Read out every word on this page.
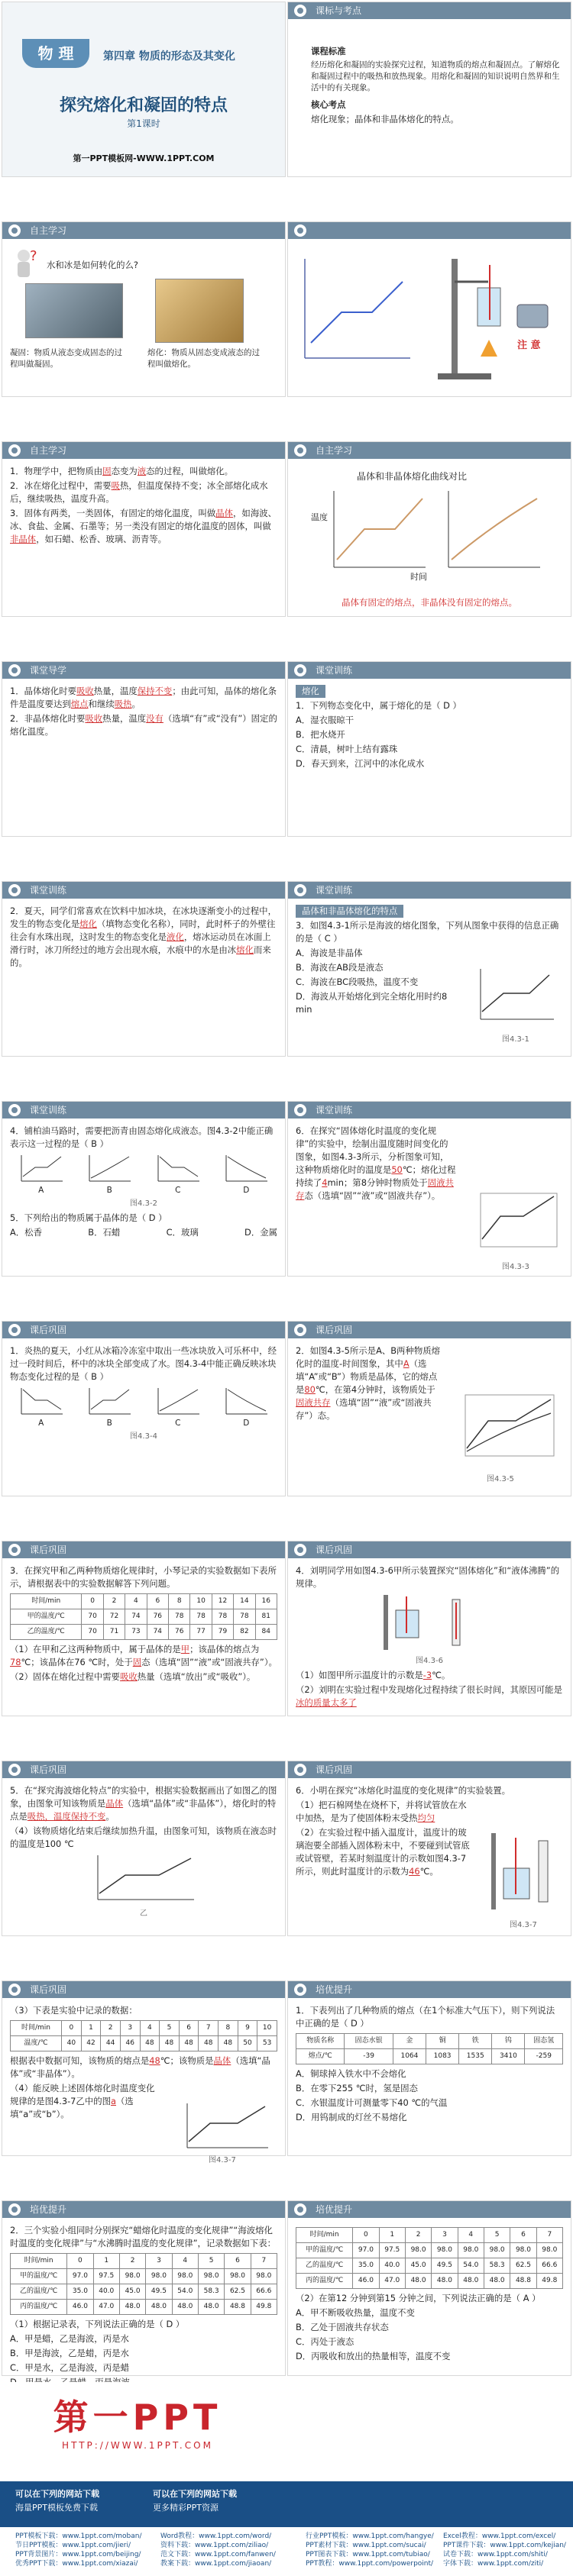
物 理	第四章 物质的形态及其变化
探究熔化和凝固的特点
第1课时
第一PPT模板网-WWW.1PPT.COM
课标与考点

课程标准

经历熔化和凝固的实验探究过程，知道物质的熔点和凝固点。了解熔化和凝固过程中的吸热和放热现象。用熔化和凝固的知识说明自然界和生活中的有关现象。

核心考点

熔化现象；晶体和非晶体熔化的特点。

自主学习
?
水和冰是如何转化的么?

凝固：物质从液态变成固态的过程叫做凝固。

熔化：物质从固态变成液态的过程叫做熔化。

注 意
自主学习

1．物理学中，把物质由固态变为液态的过程，叫做熔化。

2．冰在熔化过程中，需要吸热，但温度保持不变；冰全部熔化成水后，继续吸热，温度升高。

3．固体有两类，一类固体，有固定的熔化温度，叫做晶体，如海波、冰、食盐、金属、石墨等；另一类没有固定的熔化温度的固体，叫做非晶体，如石蜡、松香、玻璃、沥青等。

自主学习
晶体和非晶体熔化曲线对比
温度
时间
晶体有固定的熔点，非晶体没有固定的熔点。
课堂导学

1．晶体熔化时要吸收热量，温度保持不变；由此可知，晶体的熔化条件是温度要达到熔点和继续吸热。

2．非晶体熔化时要吸收热量，温度没有（选填“有”或“没有”）固定的熔化温度。

课堂训练

熔化

1．下列物态变化中，属于熔化的是（ D ）

A．湿衣服晾干

B．把水烧开

C．清晨，树叶上结有露珠

D．春天到来，江河中的冰化成水

课堂训练

2．夏天，同学们常喜欢在饮料中加冰块，在冰块逐渐变小的过程中，发生的物态变化是熔化（填物态变化名称），同时，此时杯子的外壁往往会有水珠出现，这时发生的物态变化是液化，熔冰运动员在冰面上滑行时，冰刀所经过的地方会出现水痕，水痕中的水是由冰熔化而来的。

课堂训练

晶体和非晶体熔化的特点

3．如图4.3-1所示是海波的熔化图象，下列从图象中获得的信息正确的是（ C ）

A．海波是非晶体

B．海波在AB段是液态

C．海波在BC段吸热，温度不变

D．海波从开始熔化到完全熔化用时约8 min

图4.3-1
课堂训练

4．铺柏油马路时，需要把沥青由固态熔化成液态。图4.3-2中能正确表示这一过程的是（ B ）

A	B	C	D

图4.3-2

5．下列给出的物质属于晶体的是（ D ）

A．松香	B．石蜡	C．玻璃	D．金属
课堂训练

6．在探究“固体熔化时温度的变化规律”的实验中，绘制出温度随时间变化的图象，如图4.3-3所示，分析图象可知，这种物质熔化时的温度是50℃；熔化过程持续了4min；第8分钟时物质处于固液共存态（选填“固”“液”或“固液共存”）。

图4.3-3
课后巩固

1．炎热的夏天，小红从冰箱冷冻室中取出一些冰块放入可乐杯中，经过一段时间后，杯中的冰块全部变成了水。图4.3-4中能正确反映冰块物态变化过程的是（ B ）

A	B	C	D

图4.3-4

课后巩固

2．如图4.3-5所示是A、B两种物质熔化时的温度-时间图象，其中A（选填“A”或“B”）物质是晶体，它的熔点是80℃，在第4分钟时，该物质处于固液共存（选填“固”“液”或“固液共存”）态。

图4.3-5
课后巩固

3．在探究甲和乙两种物质熔化规律时，小琴记录的实验数据如下表所示，请根据表中的实验数据解答下列问题。

时间/min	0	2	4	6	8	10	12	14	16
甲的温度/℃	70	72	74	76	78	78	78	78	81
乙的温度/℃	70	71	73	74	76	77	79	82	84

（1）在甲和乙这两种物质中，属于晶体的是甲；该晶体的熔点为78℃；该晶体在76 ℃时，处于固态（选填“固”“液”或“固液共存”）。

（2）固体在熔化过程中需要吸收热量（选填“放出”或“吸收”）。

课后巩固

4．刘明同学用如图4.3-6甲所示装置探究“固体熔化”和“液体沸腾”的规律。

图4.3-6

（1）如图甲所示温度计的示数是-3℃。

（2）刘明在实验过程中发现熔化过程持续了很长时间，其原因可能是冰的质量太多了

课后巩固

5．在“探究海波熔化特点”的实验中，根据实验数据画出了如图乙的图象，由图象可知该物质是晶体（选填“晶体”或“非晶体”），熔化时的特点是吸热，温度保持不变。

（4）该物质熔化结束后继续加热升温，由图象可知，该物质在液态时的温度是100 ℃

乙

课后巩固

6．小明在探究“冰熔化时温度的变化规律”的实验装置。

（1）把石棉网垫在烧杯下，并将试管放在水中加热，是为了使固体粉末受热均匀

（2）在实验过程中插入温度计，温度计的玻璃泡要全部插入固体粉末中，不要碰到试管底或试管壁，若某时刻温度计的示数如图4.3-7所示，则此时温度计的示数为46℃。

图4.3-7
课后巩固

（3）下表是实验中记录的数据：

时间/min	0	1	2	3	4	5	6	7	8	9	10
温度/℃	40	42	44	46	48	48	48	48	48	50	53

根据表中数据可知，该物质的熔点是48℃；该物质是晶体（选填“晶体”或“非晶体”）。

（4）能反映上述固体熔化时温度变化规律的是图4.3-7乙中的图a（选填“a”或“b”）。

图4.3-7
培优提升

1．下表列出了几种物质的熔点（在1个标准大气压下），则下列说法中正确的是（ D ）

物质名称	固态水银	金	铜	铁	钨	固态氢
熔点/℃	-39	1064	1083	1535	3410	-259

A．铜球掉入铁水中不会熔化

B．在零下255 ℃时，氢是固态

C．水银温度计可测量零下40 ℃的气温

D．用钨制成的灯丝不易熔化

培优提升

2．三个实验小组同时分别探究“蜡熔化时温度的变化规律”“海波熔化时温度的变化规律”与“水沸腾时温度的变化规律”，记录数据如下表：

时间/min	0	1	2	3	4	5	6	7
甲的温度/℃	97.0	97.5	98.0	98.0	98.0	98.0	98.0	98.0
乙的温度/℃	35.0	40.0	45.0	49.5	54.0	58.3	62.5	66.6
丙的温度/℃	46.0	47.0	48.0	48.0	48.0	48.0	48.8	49.8

（1）根据记录表，下列说法正确的是（ D ）

A．甲是蜡，乙是海波，丙是水

B．甲是海波，乙是蜡，丙是水

C．甲是水，乙是海波，丙是蜡

培优提升
时间/min	0	1	2	3	4	5	6	7
甲的温度/℃	97.0	97.5	98.0	98.0	98.0	98.0	98.0	98.0
乙的温度/℃	35.0	40.0	45.0	49.5	54.0	58.3	62.5	66.6
丙的温度/℃	46.0	47.0	48.0	48.0	48.0	48.0	48.8	49.8

（2）在第12 分钟到第15 分钟之间，下列说法正确的是（ A ）

A．甲不断吸收热量，温度不变

B．乙处于固液共存状态

C．丙处于液态

D．丙吸收和放出的热量相等，温度不变

第一PPT
HTTP://WWW.1PPT.COM
可以在下列的网站下载
海量PPT模板免费下载
可以在下列的网站下载
更多精彩PPT资源
PPT模板下载：www.1ppt.com/moban/
节日PPT模板：www.1ppt.com/jieri/
PPT背景图片：www.1ppt.com/beijing/
优秀PPT下载：www.1ppt.com/xiazai/
Word教程：www.1ppt.com/word/
资料下载：www.1ppt.com/ziliao/
范文下载：www.1ppt.com/fanwen/
教案下载：www.1ppt.com/jiaoan/
行业PPT模板：www.1ppt.com/hangye/
PPT素材下载：www.1ppt.com/sucai/
PPT图表下载：www.1ppt.com/tubiao/
PPT教程：www.1ppt.com/powerpoint/
Excel教程：www.1ppt.com/excel/
PPT课件下载：www.1ppt.com/kejian/
试卷下载：www.1ppt.com/shiti/
字体下载：www.1ppt.com/ziti/
